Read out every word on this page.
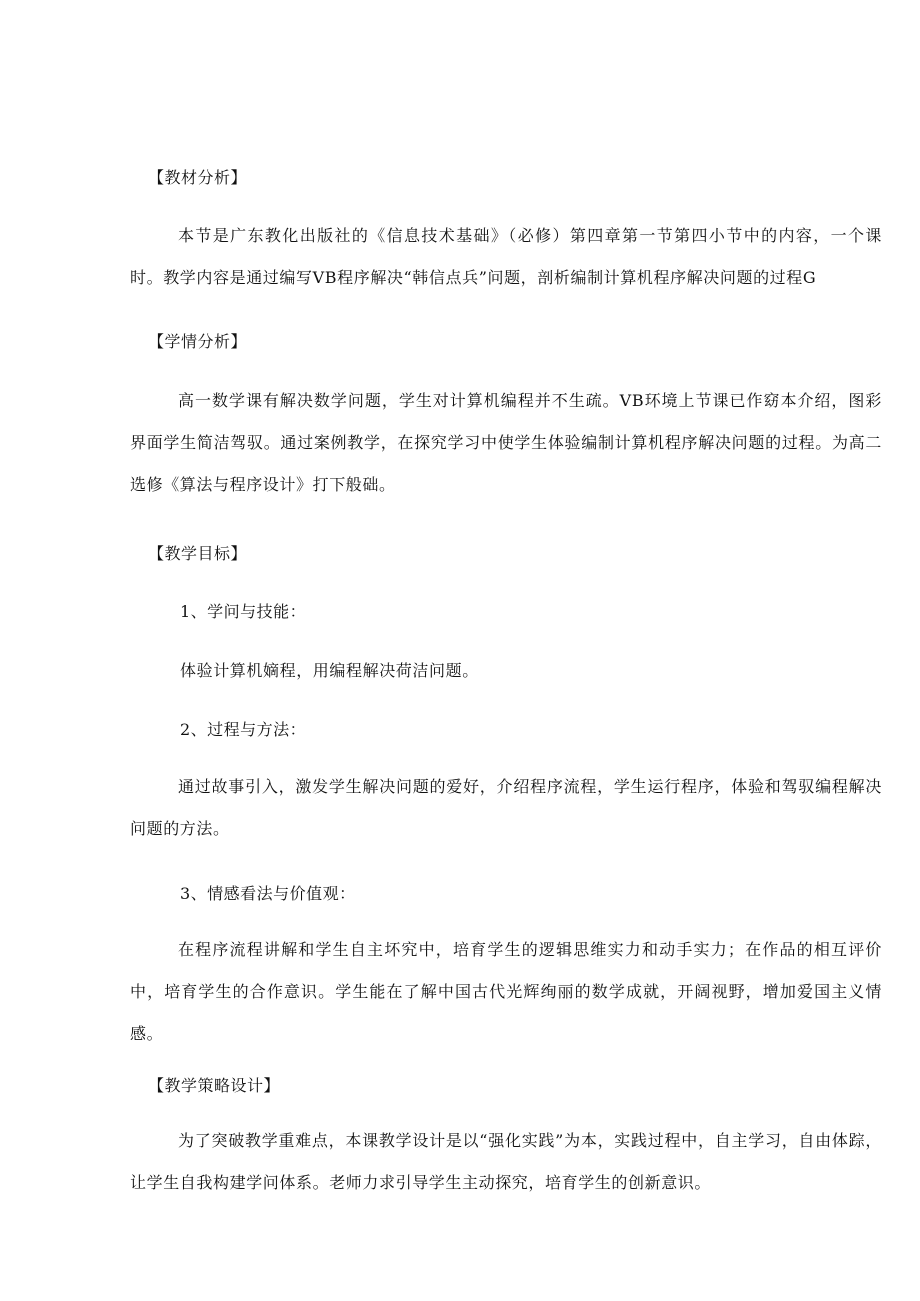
【教材分析】
本节是广东教化出版社的《信息技术基础》（必修）第四章第一节第四小节中的内容，一个课时。教学内容是通过编写VB程序解决“韩信点兵”问题，剖析编制计算机程序解决问题的过程G
【学情分析】
高一数学课有解决数学问题，学生对计算机编程并不生疏。VB环境上节课已作窈本介绍，图彩界面学生简洁驾驭。通过案例教学，在探究学习中使学生体验编制计算机程序解决问题的过程。为高二选修《算法与程序设计》打下般础。
【教学目标】
1、学问与技能：
体验计算机嫡程，用编程解决荷洁问题。
2、过程与方法：
通过故事引入，激发学生解决问题的爱好，介绍程序流程，学生运行程序，体验和驾驭编程解决问题的方法。
3、情感看法与价值观：
在程序流程讲解和学生自主坏究中，培育学生的逻辑思维实力和动手实力；在作品的相互评价中，培育学生的合作意识。学生能在了解中国古代光辉绚丽的数学成就，开阔视野，增加爱国主义情感。
【教学策略设计】
为了突破教学重难点，本课教学设计是以“强化实践”为本，实践过程中，自主学习，自由体踪，让学生自我构建学问体系。老师力求引导学生主动探究，培育学生的创新意识。
